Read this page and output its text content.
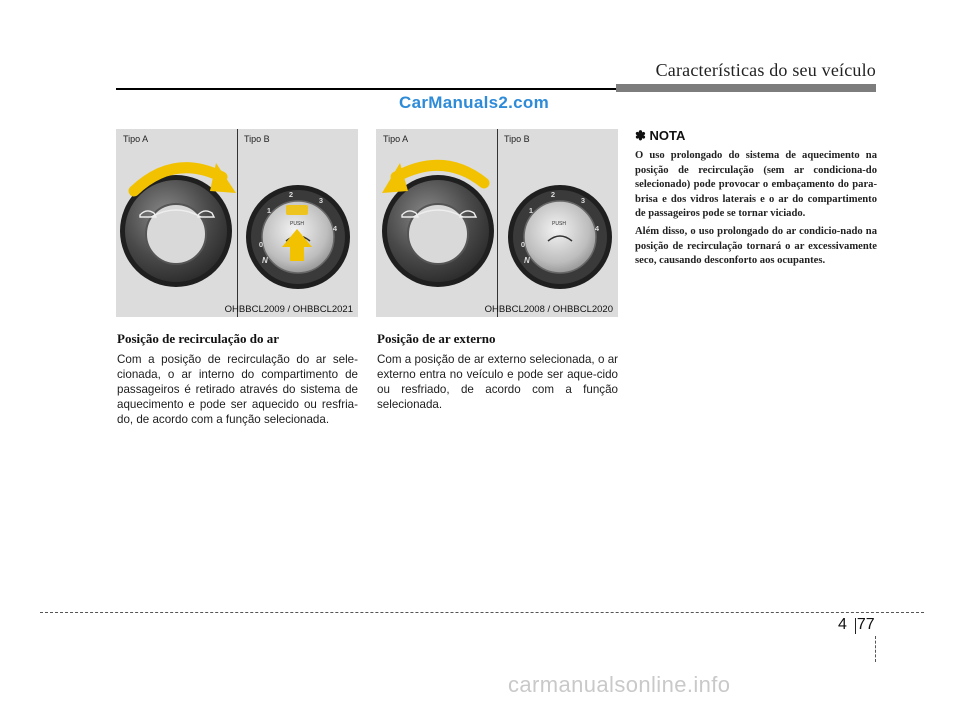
Características do seu veículo
CarManuals2.com
PUSH
0
1
2
3
4
N
Tipo A	Tipo B
OHBBCL2009 / OHBBCL2021
PUSH
0
1
2
3
4
N
Tipo A	Tipo B
OHBBCL2008 / OHBBCL2020
Posição de recirculação do ar
Com a posição de recirculação do ar sele-cionada, o ar interno do compartimento de passageiros é retirado através do sistema de aquecimento e pode ser aquecido ou resfria-do, de acordo com a função selecionada.
Posição de ar externo
Com a posição de ar externo selecionada, o ar externo entra no veículo e pode ser aque-cido ou resfriado, de acordo com a função selecionada.
✽ NOTA

O uso prolongado do sistema de aquecimento na posição de recirculação (sem ar condiciona-do selecionado) pode provocar o embaçamento do para-brisa e dos vidros laterais e o ar do compartimento de passageiros pode se tornar viciado.

Além disso, o uso prolongado do ar condicio-nado na posição de recirculação tornará o ar excessivamente seco, causando desconforto aos ocupantes.

4 77
carmanualsonline.info
